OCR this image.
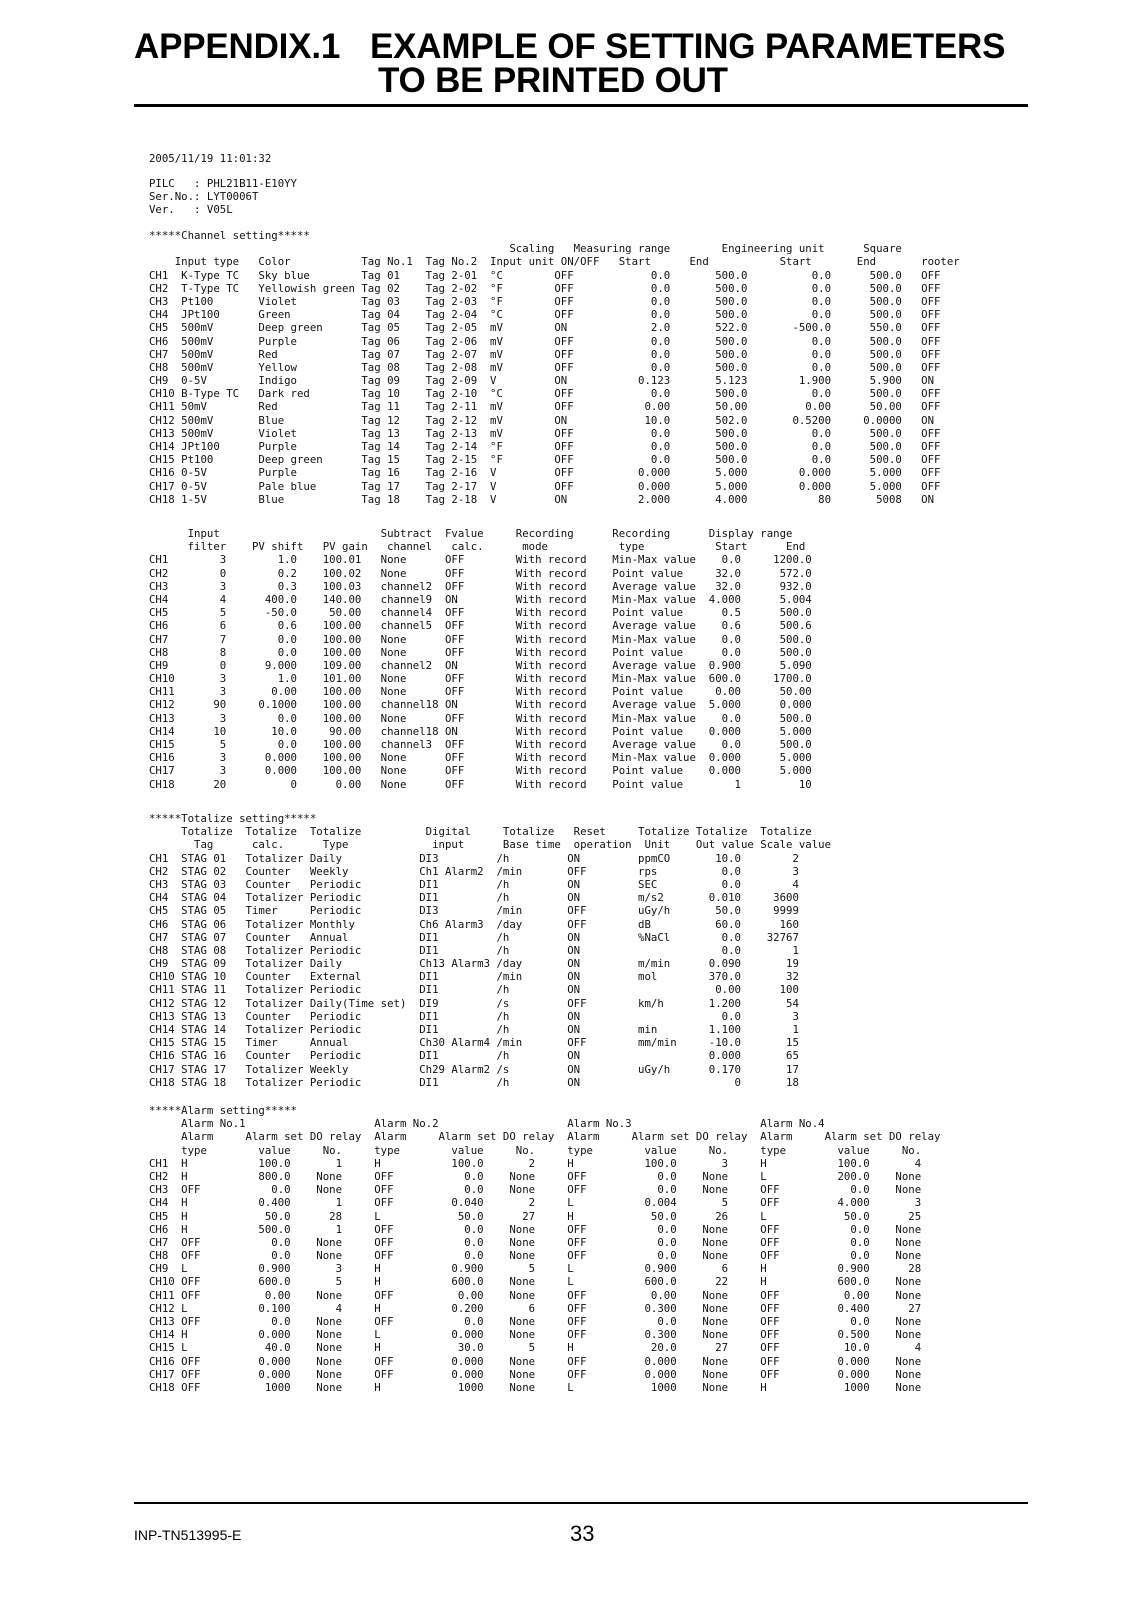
APPENDIX.1 EXAMPLE OF SETTING PARAMETERS
TO BE PRINTED OUT
2005/11/19 11:01:32
PILC   : PHL21B11-E10YY
Ser.No.: LYT0006T
Ver.   : V05L
*****Channel setting*****
Scaling   Measuring range        Engineering unit      Square
Input type   Color           Tag No.1  Tag No.2  Input unit ON/OFF   Start      End           Start       End       rooter
CH1  K-Type TC   Sky blue        Tag 01    Tag 2-01  °C        OFF            0.0       500.0          0.0      500.0   OFF
CH2  T-Type TC   Yellowish green Tag 02    Tag 2-02  °F        OFF            0.0       500.0          0.0      500.0   OFF
CH3  Pt100       Violet          Tag 03    Tag 2-03  °F        OFF            0.0       500.0          0.0      500.0   OFF
CH4  JPt100      Green           Tag 04    Tag 2-04  °C        OFF            0.0       500.0          0.0      500.0   OFF
CH5  500mV       Deep green      Tag 05    Tag 2-05  mV        ON             2.0       522.0       -500.0      550.0   OFF
CH6  500mV       Purple          Tag 06    Tag 2-06  mV        OFF            0.0       500.0          0.0      500.0   OFF
CH7  500mV       Red             Tag 07    Tag 2-07  mV        OFF            0.0       500.0          0.0      500.0   OFF
CH8  500mV       Yellow          Tag 08    Tag 2-08  mV        OFF            0.0       500.0          0.0      500.0   OFF
CH9  0-5V        Indigo          Tag 09    Tag 2-09  V         ON           0.123       5.123        1.900      5.900   ON
CH10 B-Type TC   Dark red        Tag 10    Tag 2-10  °C        OFF            0.0       500.0          0.0      500.0   OFF
CH11 50mV        Red             Tag 11    Tag 2-11  mV        OFF           0.00       50.00         0.00      50.00   OFF
CH12 500mV       Blue            Tag 12    Tag 2-12  mV        ON            10.0       502.0       0.5200     0.0000   ON
CH13 500mV       Violet          Tag 13    Tag 2-13  mV        OFF            0.0       500.0          0.0      500.0   OFF
CH14 JPt100      Purple          Tag 14    Tag 2-14  °F        OFF            0.0       500.0          0.0      500.0   OFF
CH15 Pt100       Deep green      Tag 15    Tag 2-15  °F        OFF            0.0       500.0          0.0      500.0   OFF
CH16 0-5V        Purple          Tag 16    Tag 2-16  V         OFF          0.000       5.000        0.000      5.000   OFF
CH17 0-5V        Pale blue       Tag 17    Tag 2-17  V         OFF          0.000       5.000        0.000      5.000   OFF
CH18 1-5V        Blue            Tag 18    Tag 2-18  V         ON           2.000       4.000           80       5008   ON
Input                         Subtract  Fvalue     Recording      Recording      Display range
filter    PV shift   PV gain   channel   calc.      mode           type           Start      End
CH1        3        1.0    100.01   None      OFF        With record    Min-Max value    0.0     1200.0
CH2        0        0.2    100.02   None      OFF        With record    Point value     32.0      572.0
CH3        3        0.3    100.03   channel2  OFF        With record    Average value   32.0      932.0
CH4        4      400.0    140.00   channel9  ON         With record    Min-Max value  4.000      5.004
CH5        5      -50.0     50.00   channel4  OFF        With record    Point value      0.5      500.0
CH6        6        0.6    100.00   channel5  OFF        With record    Average value    0.6      500.6
CH7        7        0.0    100.00   None      OFF        With record    Min-Max value    0.0      500.0
CH8        8        0.0    100.00   None      OFF        With record    Point value      0.0      500.0
CH9        0      9.000    109.00   channel2  ON         With record    Average value  0.900      5.090
CH10       3        1.0    101.00   None      OFF        With record    Min-Max value  600.0     1700.0
CH11       3       0.00    100.00   None      OFF        With record    Point value     0.00      50.00
CH12      90     0.1000    100.00   channel18 ON         With record    Average value  5.000      0.000
CH13       3        0.0    100.00   None      OFF        With record    Min-Max value    0.0      500.0
CH14      10       10.0     90.00   channel18 ON         With record    Point value    0.000      5.000
CH15       5        0.0    100.00   channel3  OFF        With record    Average value    0.0      500.0
CH16       3      0.000    100.00   None      OFF        With record    Min-Max value  0.000      5.000
CH17       3      0.000    100.00   None      OFF        With record    Point value    0.000      5.000
CH18      20          0      0.00   None      OFF        With record    Point value        1         10
*****Totalize setting*****
Totalize  Totalize  Totalize          Digital     Totalize   Reset     Totalize Totalize  Totalize
Tag      calc.      Type             input      Base time  operation  Unit    Out value Scale value
CH1  STAG 01   Totalizer Daily            DI3         /h         ON         ppmCO       10.0        2
CH2  STAG 02   Counter   Weekly           Ch1 Alarm2  /min       OFF        rps          0.0        3
CH3  STAG 03   Counter   Periodic         DI1         /h         ON         SEC          0.0        4
CH4  STAG 04   Totalizer Periodic         DI1         /h         ON         m/s2       0.010     3600
CH5  STAG 05   Timer     Periodic         DI3         /min       OFF        uGy/h       50.0     9999
CH6  STAG 06   Totalizer Monthly          Ch6 Alarm3  /day       OFF        dB          60.0      160
CH7  STAG 07   Counter   Annual           DI1         /h         ON         %NaCl        0.0    32767
CH8  STAG 08   Totalizer Periodic         DI1         /h         ON                      0.0        1
CH9  STAG 09   Totalizer Daily            Ch13 Alarm3 /day       ON         m/min      0.090       19
CH10 STAG 10   Counter   External         DI1         /min       ON         mol        370.0       32
CH11 STAG 11   Totalizer Periodic         DI1         /h         ON                     0.00      100
CH12 STAG 12   Totalizer Daily(Time set)  DI9         /s         OFF        km/h       1.200       54
CH13 STAG 13   Counter   Periodic         DI1         /h         ON                      0.0        3
CH14 STAG 14   Totalizer Periodic         DI1         /h         ON         min        1.100        1
CH15 STAG 15   Timer     Annual           Ch30 Alarm4 /min       OFF        mm/min     -10.0       15
CH16 STAG 16   Counter   Periodic         DI1         /h         ON                    0.000       65
CH17 STAG 17   Totalizer Weekly           Ch29 Alarm2 /s         ON         uGy/h      0.170       17
CH18 STAG 18   Totalizer Periodic         DI1         /h         ON                        0       18
*****Alarm setting*****
Alarm No.1                    Alarm No.2                    Alarm No.3                    Alarm No.4
Alarm     Alarm set DO relay  Alarm     Alarm set DO relay  Alarm     Alarm set DO relay  Alarm     Alarm set DO relay
type        value     No.     type        value     No.     type        value     No.     type        value     No.
CH1  H           100.0       1     H           100.0       2     H           100.0       3     H           100.0       4
CH2  H           800.0    None     OFF           0.0    None     OFF           0.0    None     L           200.0    None
CH3  OFF           0.0    None     OFF           0.0    None     OFF           0.0    None     OFF           0.0    None
CH4  H           0.400       1     OFF         0.040       2     L           0.004       5     OFF         4.000       3
CH5  H            50.0      28     L            50.0      27     H            50.0      26     L            50.0      25
CH6  H           500.0       1     OFF           0.0    None     OFF           0.0    None     OFF           0.0    None
CH7  OFF           0.0    None     OFF           0.0    None     OFF           0.0    None     OFF           0.0    None
CH8  OFF           0.0    None     OFF           0.0    None     OFF           0.0    None     OFF           0.0    None
CH9  L           0.900       3     H           0.900       5     L           0.900       6     H           0.900      28
CH10 OFF         600.0       5     H           600.0    None     L           600.0      22     H           600.0    None
CH11 OFF          0.00    None     OFF          0.00    None     OFF          0.00    None     OFF          0.00    None
CH12 L           0.100       4     H           0.200       6     OFF         0.300    None     OFF         0.400      27
CH13 OFF           0.0    None     OFF           0.0    None     OFF           0.0    None     OFF           0.0    None
CH14 H           0.000    None     L           0.000    None     OFF         0.300    None     OFF         0.500    None
CH15 L            40.0    None     H            30.0       5     H            20.0      27     OFF          10.0       4
CH16 OFF         0.000    None     OFF         0.000    None     OFF         0.000    None     OFF         0.000    None
CH17 OFF         0.000    None     OFF         0.000    None     OFF         0.000    None     OFF         0.000    None
CH18 OFF          1000    None     H            1000    None     L            1000    None     H            1000    None
INP-TN513995-E	33
